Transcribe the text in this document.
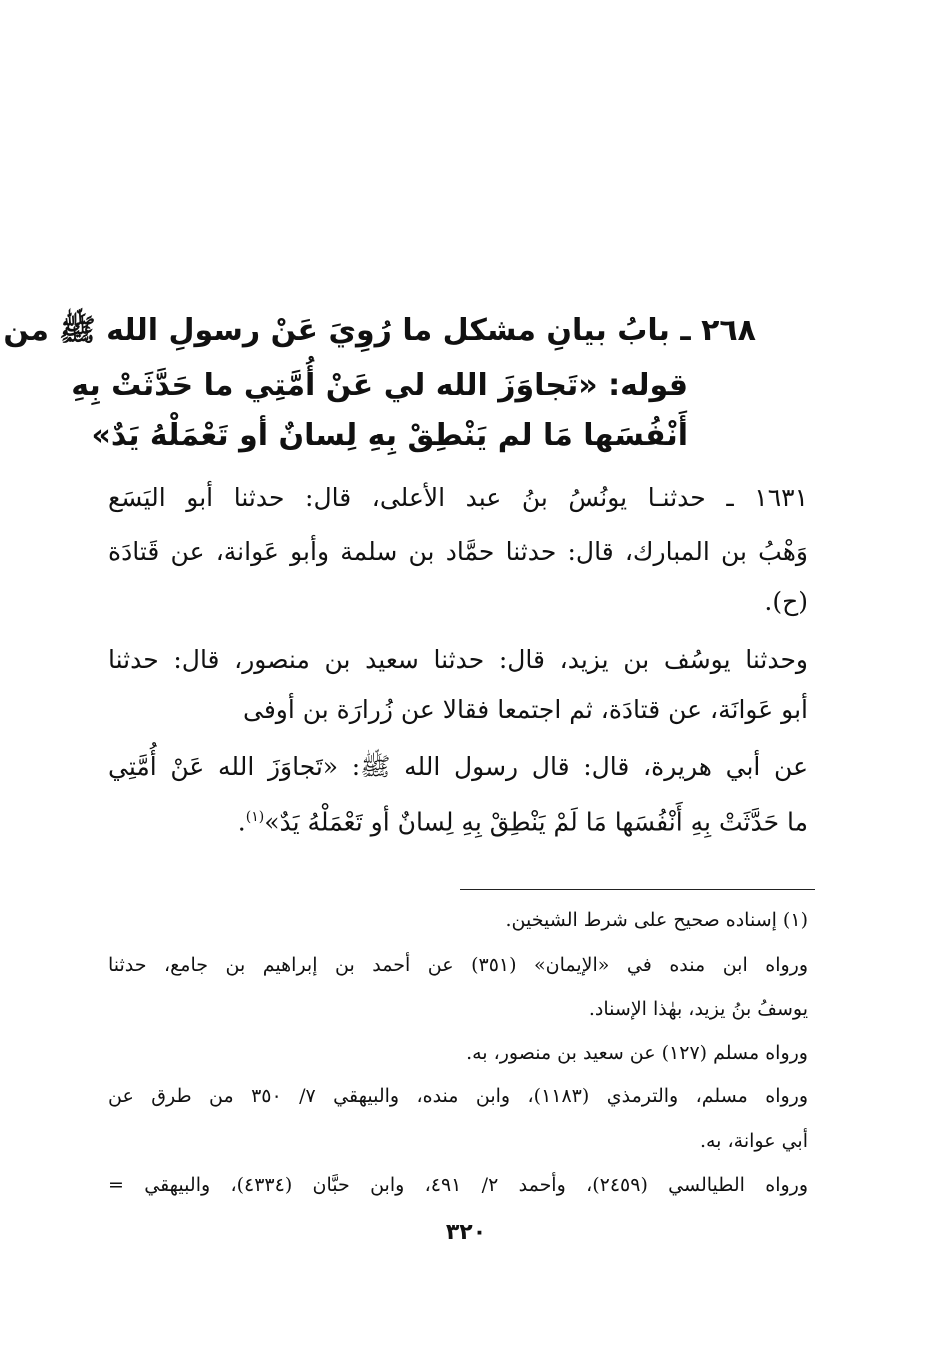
٢٦٨ ـ بابُ بيانِ مشكل ما رُوِيَ عَنْ رسولِ الله ﷺ من
قوله: «تَجاوَزَ الله لي عَنْ أُمَّتِي ما حَدَّثَتْ بِهِ
أَنْفُسَها مَا لم يَنْطِقْ بِهِ لِسانٌ أو تَعْمَلْهُ يَدٌ»
١٦٣١ ـ حدثنـا يونُسُ بنُ عبد الأعلى، قال: حدثنا أبو اليَسَع
وَهْبُ بن المبارك، قال: حدثنا حمَّاد بن سلمة وأبو عَوانة، عن قَتادَة
(ح).
وحدثنا يوسُف بن يزيد، قال: حدثنا سعيد بن منصور، قال: حدثنا
أبو عَوانَة، عن قتادَة، ثم اجتمعا فقالا عن زُرارَة بن أوفى
عن أبي هريرة، قال: قال رسول الله ﷺ: «تَجاوَزَ الله عَنْ أُمَّتِي
ما حَدَّثَتْ بِهِ أَنْفُسَها مَا لَمْ يَنْطِقْ بِهِ لِسانٌ أو تَعْمَلْهُ يَدٌ»$^{(١)}$.
(١) إسناده صحيح على شرط الشيخين.
ورواه ابن منده في «الإيمان» (٣٥١) عن أحمد بن إبراهيم بن جامع، حدثنا
يوسفُ بنُ يزيد، بهٰذا الإسناد.
ورواه مسلم (١٢٧) عن سعيد بن منصور، به.
ورواه مسلم، والترمذي (١١٨٣)، وابن منده، والبيهقي ٧/ ٣٥٠ من طرق عن
أبي عوانة، به.
ورواه الطيالسي (٢٤٥٩)، وأحمد ٢/ ٤٩١، وابن حبَّان (٤٣٣٤)، والبيهقي =
٣٢٠
